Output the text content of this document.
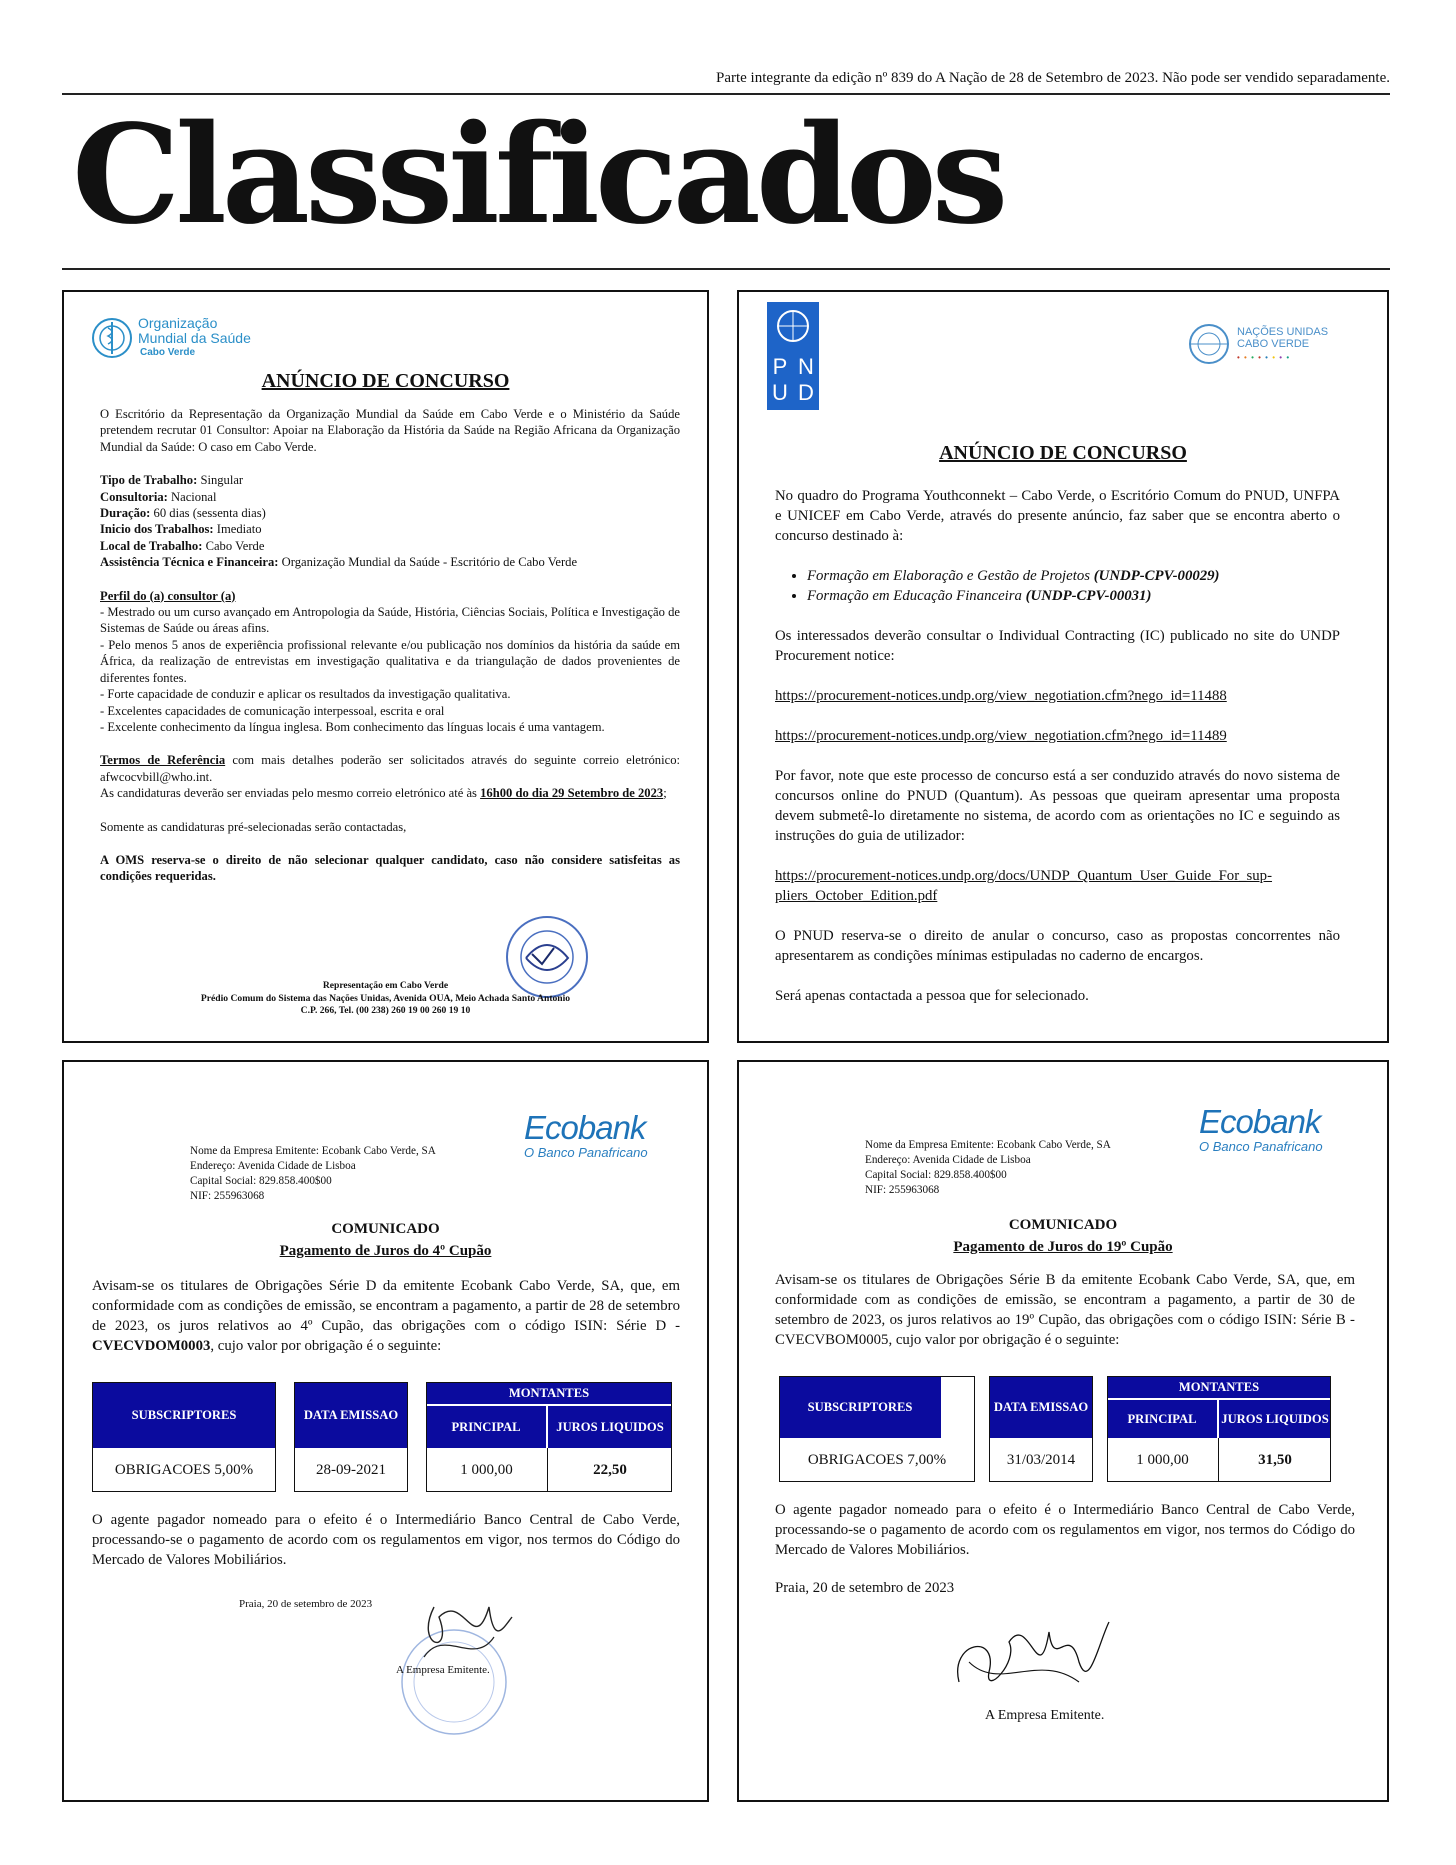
Parte integrante da edição nº 839 do A Nação de 28 de Setembro de 2023. Não pode ser vendido separadamente.
Classificados
Organização
Mundial da Saúde
Cabo Verde
ANÚNCIO DE CONCURSO

O Escritório da Representação da Organização Mundial da Saúde em Cabo Verde e o Ministério da Saúde pretendem recrutar 01 Consultor: Apoiar na Elaboração da História da Saúde na Região Africana da Organização Mundial da Saúde: O caso em Cabo Verde.

Tipo de Trabalho: Singular

Consultoria: Nacional

Duração: 60 dias (sessenta dias)

Inicio dos Trabalhos: Imediato

Local de Trabalho: Cabo Verde

Assistência Técnica e Financeira: Organização Mundial da Saúde - Escritório de Cabo Verde

Perfil do (a) consultor (a)

- Mestrado ou um curso avançado em Antropologia da Saúde, História, Ciências Sociais, Política e Investigação de Sistemas de Saúde ou áreas afins.

- Pelo menos 5 anos de experiência profissional relevante e/ou publicação nos domínios da história da saúde em África, da realização de entrevistas em investigação qualitativa e da triangulação de dados provenientes de diferentes fontes.

- Forte capacidade de conduzir e aplicar os resultados da investigação qualitativa.

- Excelentes capacidades de comunicação interpessoal, escrita e oral

- Excelente conhecimento da língua inglesa. Bom conhecimento das línguas locais é uma vantagem.

Termos de Referência com mais detalhes poderão ser solicitados através do seguinte correio eletrónico: afwcocvbill@who.int.

As candidaturas deverão ser enviadas pelo mesmo correio eletrónico até às 16h00 do dia 29 Setembro de 2023;

Somente as candidaturas pré-selecionadas serão contactadas,

A OMS reserva-se o direito de não selecionar qualquer candidato, caso não considere satisfeitas as condições requeridas.

Representação em Cabo Verde
Prédio Comum do Sistema das Nações Unidas, Avenida OUA, Meio Achada Santo Antonio
C.P. 266, Tel. (00 238) 260 19 00 260 19 10
P N
U D
NAÇÕES UNIDAS
CABO VERDE
• • • • • • • •
ANÚNCIO DE CONCURSO

No quadro do Programa Youthconnekt – Cabo Verde, o Escritório Comum do PNUD, UNFPA e UNICEF em Cabo Verde, através do presente anúncio, faz saber que se encontra aberto o concurso destinado à:

• Formação em Elaboração e Gestão de Projetos (UNDP-CPV-00029)
• Formação em Educação Financeira (UNDP-CPV-00031)

Os interessados deverão consultar o Individual Contracting (IC) publicado no site do UNDP Procurement notice:

https://procurement-notices.undp.org/view_negotiation.cfm?nego_id=11488

https://procurement-notices.undp.org/view_negotiation.cfm?nego_id=11489

Por favor, note que este processo de concurso está a ser conduzido através do novo sistema de concursos online do PNUD (Quantum). As pessoas que queiram apresentar uma proposta devem submetê-lo diretamente no sistema, de acordo com as orientações no IC e seguindo as instruções do guia de utilizador:

https://procurement-notices.undp.org/docs/UNDP_Quantum_User_Guide_For_sup-
pliers_October_Edition.pdf

O PNUD reserva-se o direito de anular o concurso, caso as propostas concorrentes não apresentarem as condições mínimas estipuladas no caderno de encargos.

Será apenas contactada a pessoa que for selecionado.

Ecobank
O Banco Panafricano
Nome da Empresa Emitente: Ecobank Cabo Verde, SA
Endereço: Avenida Cidade de Lisboa
Capital Social: 829.858.400$00
NIF: 255963068
COMUNICADO
Pagamento de Juros do 4º Cupão
Avisam-se os titulares de Obrigações Série D da emitente Ecobank Cabo Verde, SA, que, em conformidade com as condições de emissão, se encontram a pagamento, a partir de 28 de setembro de 2023, os juros relativos ao 4º Cupão, das obrigações com o código ISIN: Série D - CVECVDOM0003, cujo valor por obrigação é o seguinte:
SUBSCRIPTORES	DATA EMISSAO
MONTANTES
PRINCIPAL	JUROS LIQUIDOS
OBRIGACOES 5,00%	28-09-2021	1 000,00	22,50
O agente pagador nomeado para o efeito é o Intermediário Banco Central de Cabo Verde, processando-se o pagamento de acordo com os regulamentos em vigor, nos termos do Código do Mercado de Valores Mobiliários.
Praia, 20 de setembro de 2023
A Empresa Emitente.
Ecobank
O Banco Panafricano
Nome da Empresa Emitente: Ecobank Cabo Verde, SA
Endereço: Avenida Cidade de Lisboa
Capital Social: 829.858.400$00
NIF: 255963068
COMUNICADO
Pagamento de Juros do 19º Cupão
Avisam-se os titulares de Obrigações Série B da emitente Ecobank Cabo Verde, SA, que, em conformidade com as condições de emissão, se encontram a pagamento, a partir de 30 de setembro de 2023, os juros relativos ao 19º Cupão, das obrigações com o código ISIN: Série B - CVECVBOM0005, cujo valor por obrigação é o seguinte:
SUBSCRIPTORES	DATA EMISSAO
MONTANTES
PRINCIPAL	JUROS LIQUIDOS
OBRIGACOES 7,00%	31/03/2014	1 000,00	31,50
O agente pagador nomeado para o efeito é o Intermediário Banco Central de Cabo Verde, processando-se o pagamento de acordo com os regulamentos em vigor, nos termos do Código do Mercado de Valores Mobiliários.
Praia, 20 de setembro de 2023
A Empresa Emitente.
